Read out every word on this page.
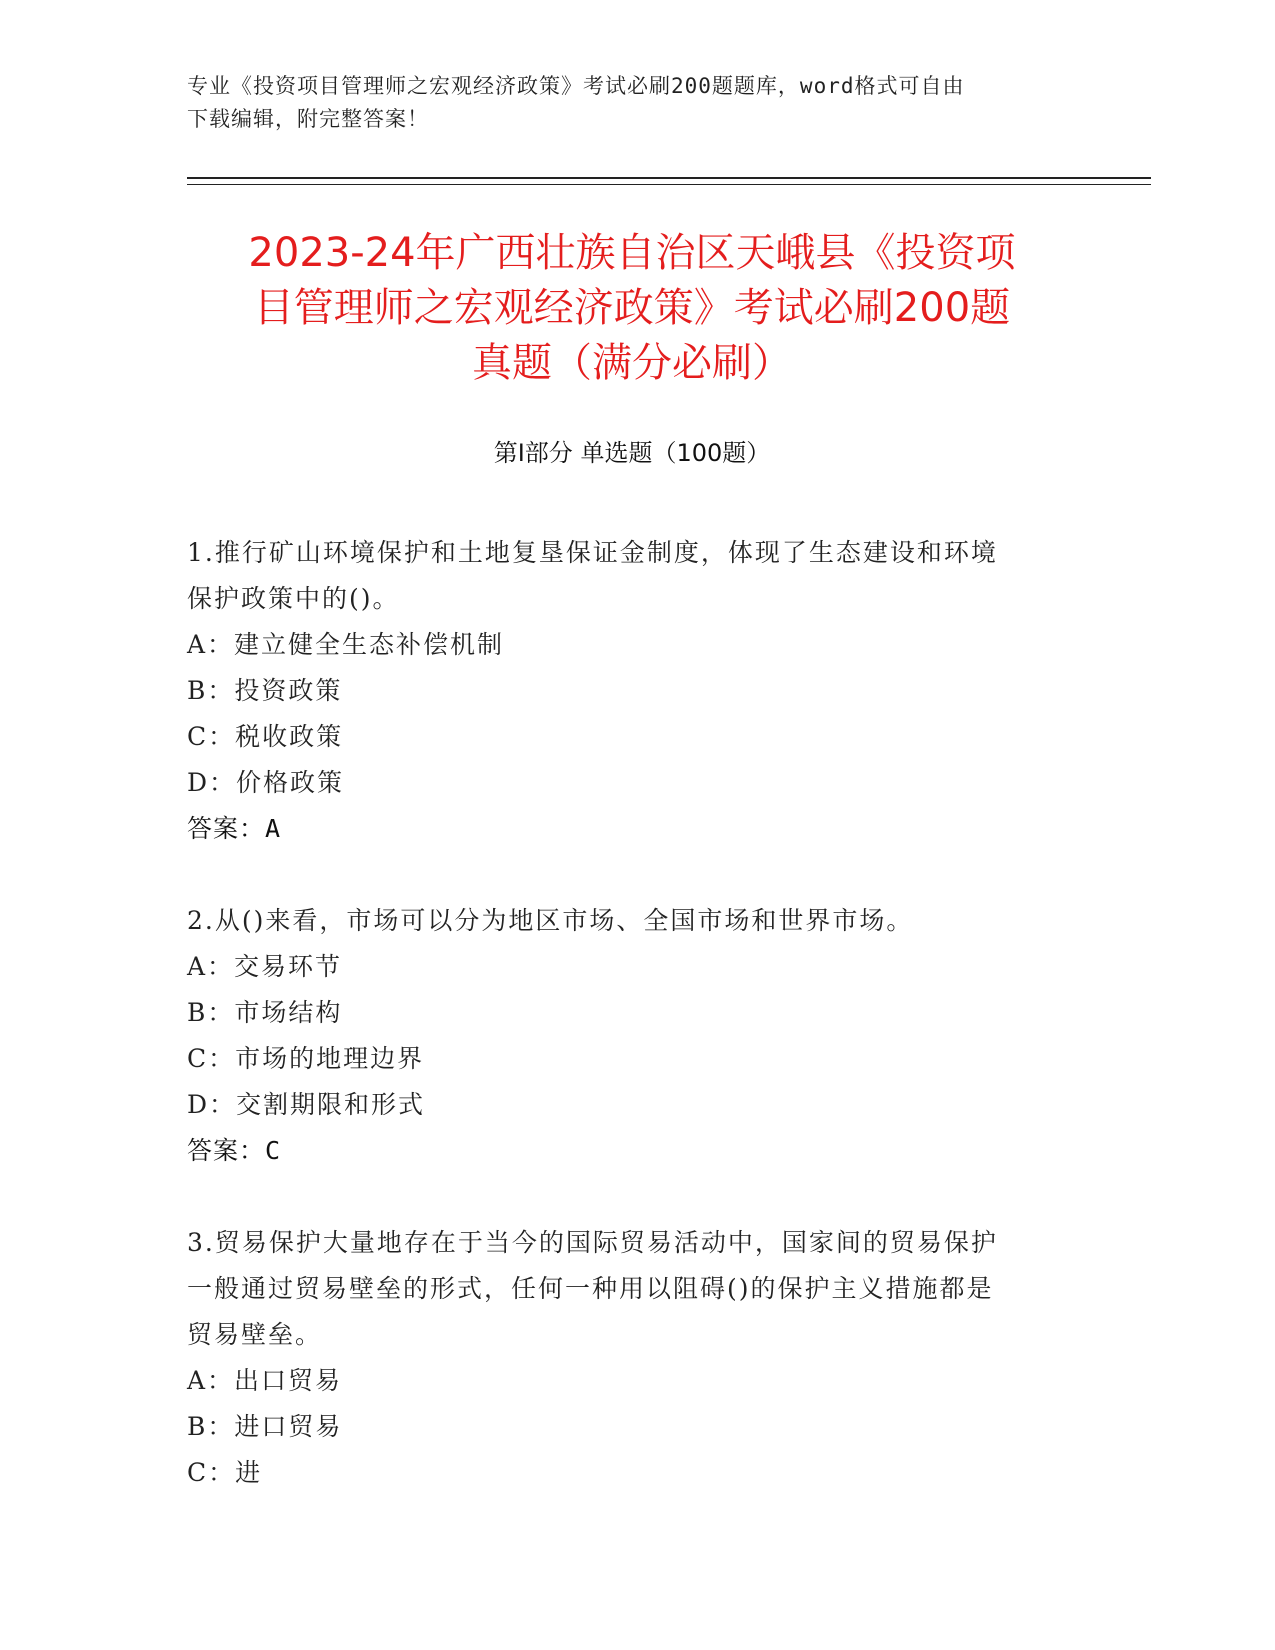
专业《投资项目管理师之宏观经济政策》考试必刷200题题库，word格式可自由
下载编辑，附完整答案！
2023-24年广西壮族自治区天峨县《投资项
目管理师之宏观经济政策》考试必刷200题
真题（满分必刷）
第Ⅰ部分 单选题（100题）
1.推行矿山环境保护和土地复垦保证金制度，体现了生态建设和环境
保护政策中的()。
A：建立健全生态补偿机制
B：投资政策
C：税收政策
D：价格政策
答案：A
2.从()来看，市场可以分为地区市场、全国市场和世界市场。
A：交易环节
B：市场结构
C：市场的地理边界
D：交割期限和形式
答案：C
3.贸易保护大量地存在于当今的国际贸易活动中，国家间的贸易保护
一般通过贸易壁垒的形式，任何一种用以阻碍()的保护主义措施都是
贸易壁垒。
A：出口贸易
B：进口贸易
C：进
